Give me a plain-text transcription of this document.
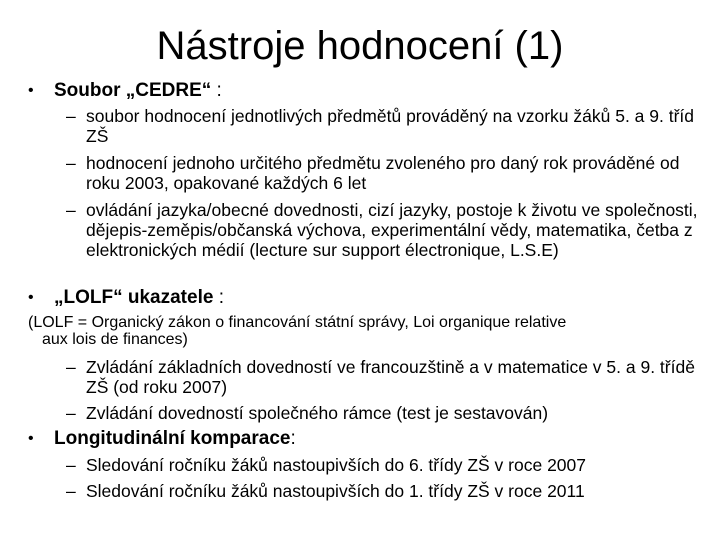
Nástroje hodnocení (1)
• Soubor „CEDRE“ :
– soubor hodnocení jednotlivých předmětů prováděný na vzorku žáků 5. a 9. tříd ZŠ
– hodnocení jednoho určitého předmětu zvoleného pro daný rok prováděné od roku 2003, opakované každých 6 let
– ovládání jazyka/obecné dovednosti, cizí jazyky, postoje k životu ve společnosti, dějepis-zeměpis/občanská výchova, experimentální vědy, matematika, četba z elektronických médií (lecture sur support électronique, L.S.E)
• „LOLF“ ukazatele :
(LOLF = Organický zákon o financování státní správy, Loi organique relative
aux lois de finances)
– Zvládání základních dovedností ve francouzštině a v matematice v 5. a 9. třídě ZŠ (od roku 2007)
– Zvládání dovedností společného rámce (test je sestavován)
• Longitudinální komparace:
– Sledování ročníku žáků nastoupivších do 6. třídy ZŠ v roce 2007
– Sledování ročníku žáků nastoupivších do 1. třídy ZŠ v roce 2011
